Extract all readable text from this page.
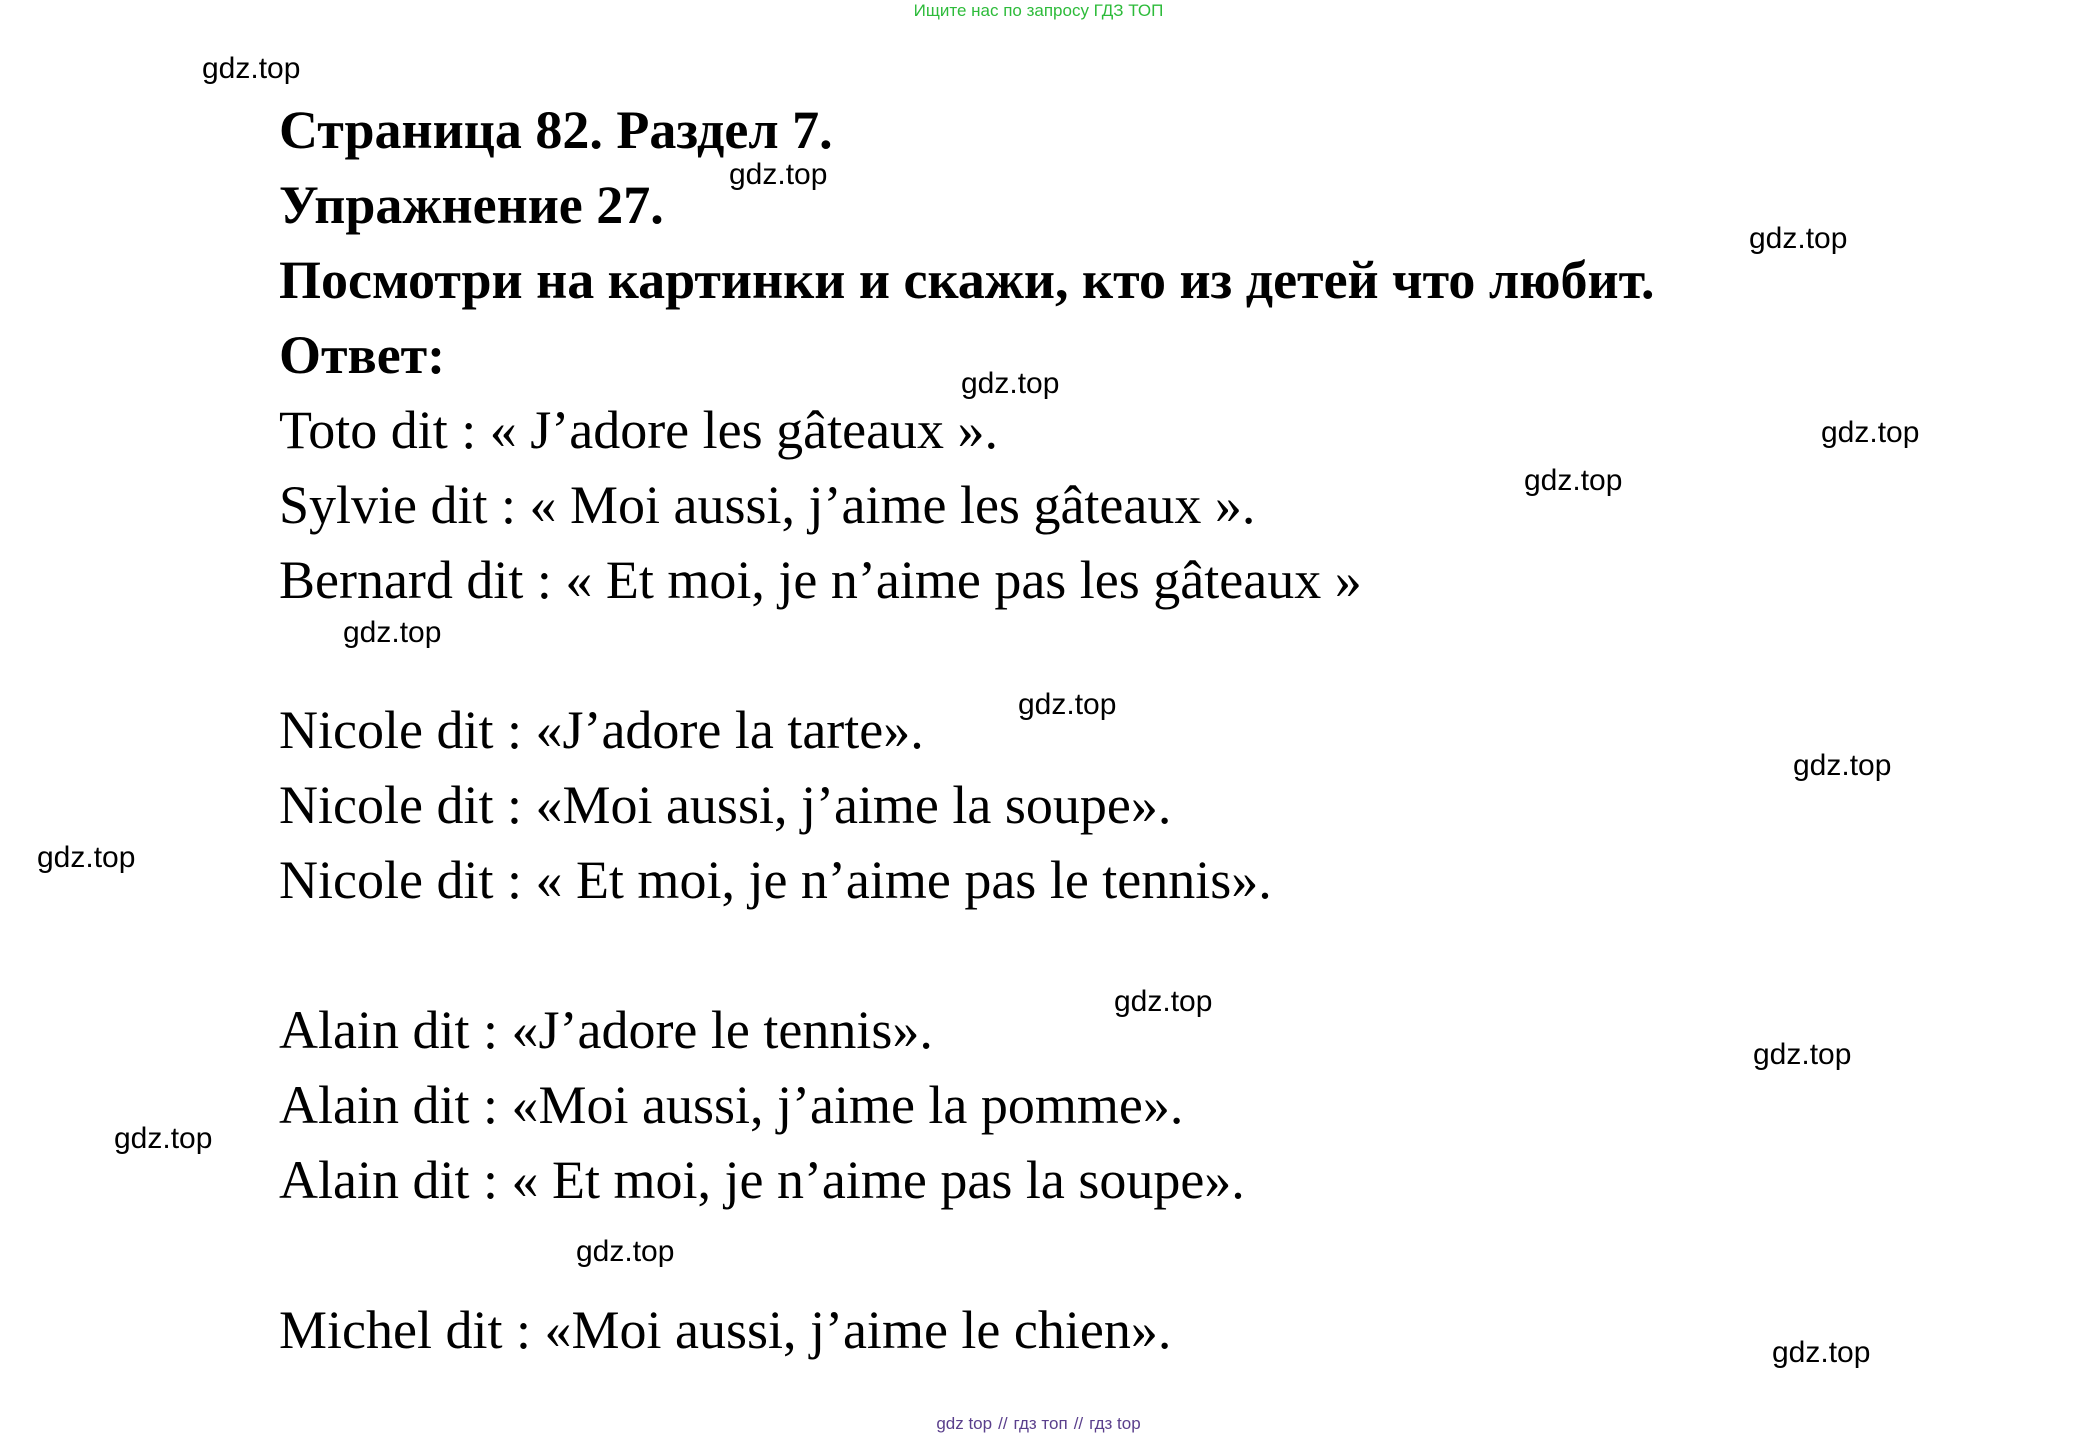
Ищите нас по запросу ГДЗ ТОП
Страница 82. Раздел 7.
Упражнение 27.
Посмотри на картинки и скажи, кто из детей что любит.
Ответ:
Toto dit : « J’adore les gâteaux ».
Sylvie dit : « Moi aussi, j’aime les gâteaux ».
Bernard dit : « Et moi, je n’aime pas les gâteaux »
Nicole dit : «J’adore la tarte».
Nicole dit : «Moi aussi, j’aime la soupe».
Nicole dit : « Et moi, je n’aime pas le tennis».
Alain dit : «J’adore le tennis».
Alain dit : «Moi aussi, j’aime la pomme».
Alain dit : « Et moi, je n’aime pas la soupe».
Michel dit : «Moi aussi, j’aime le chien».
gdz.top
gdz.top
gdz.top
gdz.top
gdz.top
gdz.top
gdz.top
gdz.top
gdz.top
gdz.top
gdz.top
gdz.top
gdz.top
gdz.top
gdz.top
gdz top // гдз топ // гдз top
